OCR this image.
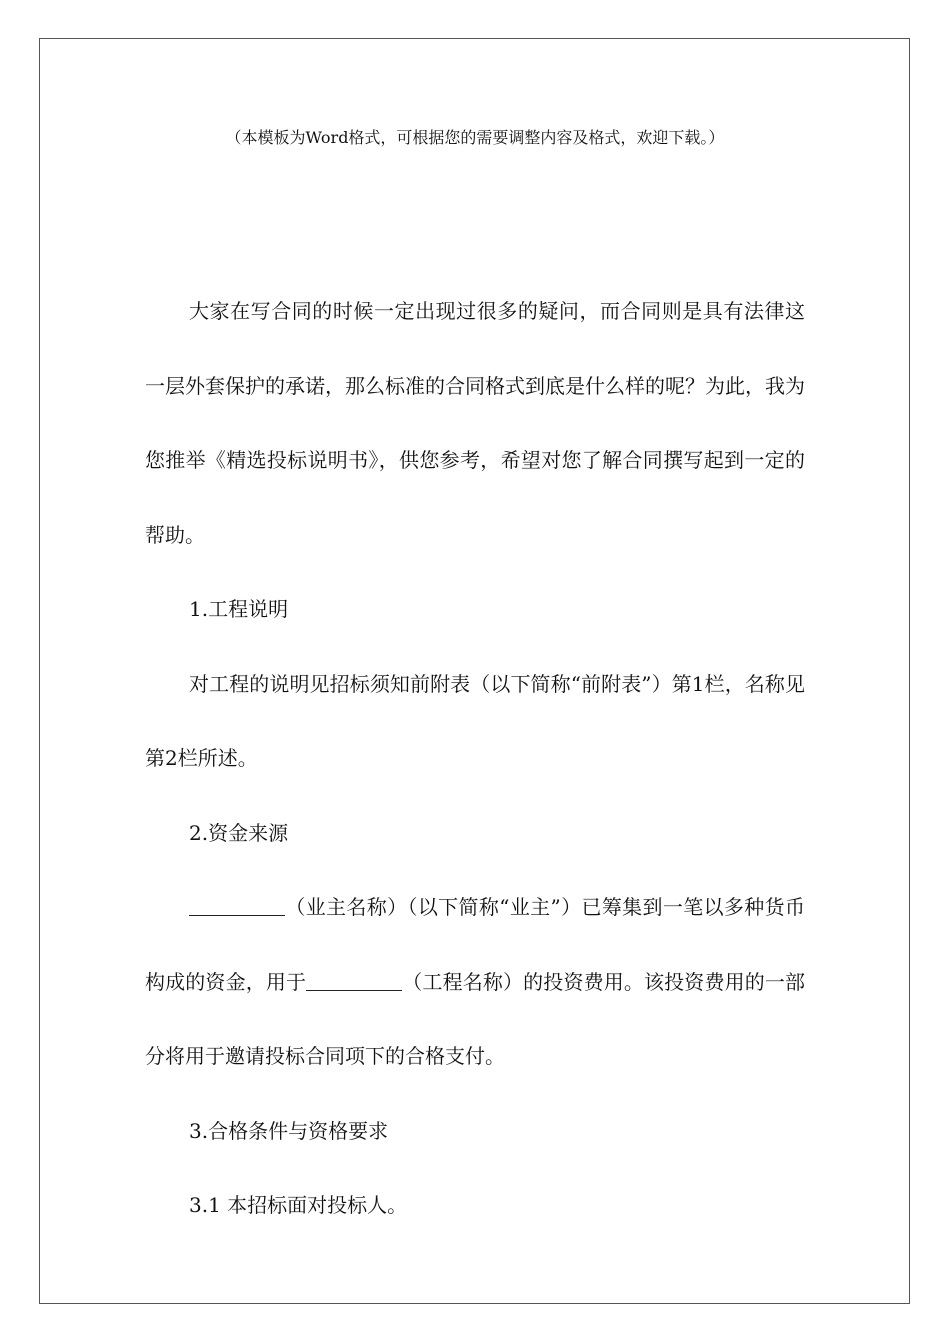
（本模板为Word格式，可根据您的需要调整内容及格式，欢迎下载。）

大家在写合同的时候一定出现过很多的疑问，而合同则是具有法律这一层外套保护的承诺，那么标准的合同格式到底是什么样的呢？为此，我为您推举《精选投标说明书》，供您参考，希望对您了解合同撰写起到一定的帮助。

1.工程说明

对工程的说明见招标须知前附表（以下简称“前附表”）第1栏，名称见第2栏所述。

2.资金来源

（业主名称）（以下简称“业主”）已筹集到一笔以多种货币构成的资金，用于	（工程名称）的投资费用。该投资费用的一部分将用于邀请投标合同项下的合格支付。

3.合格条件与资格要求

3.1 本招标面对投标人。
